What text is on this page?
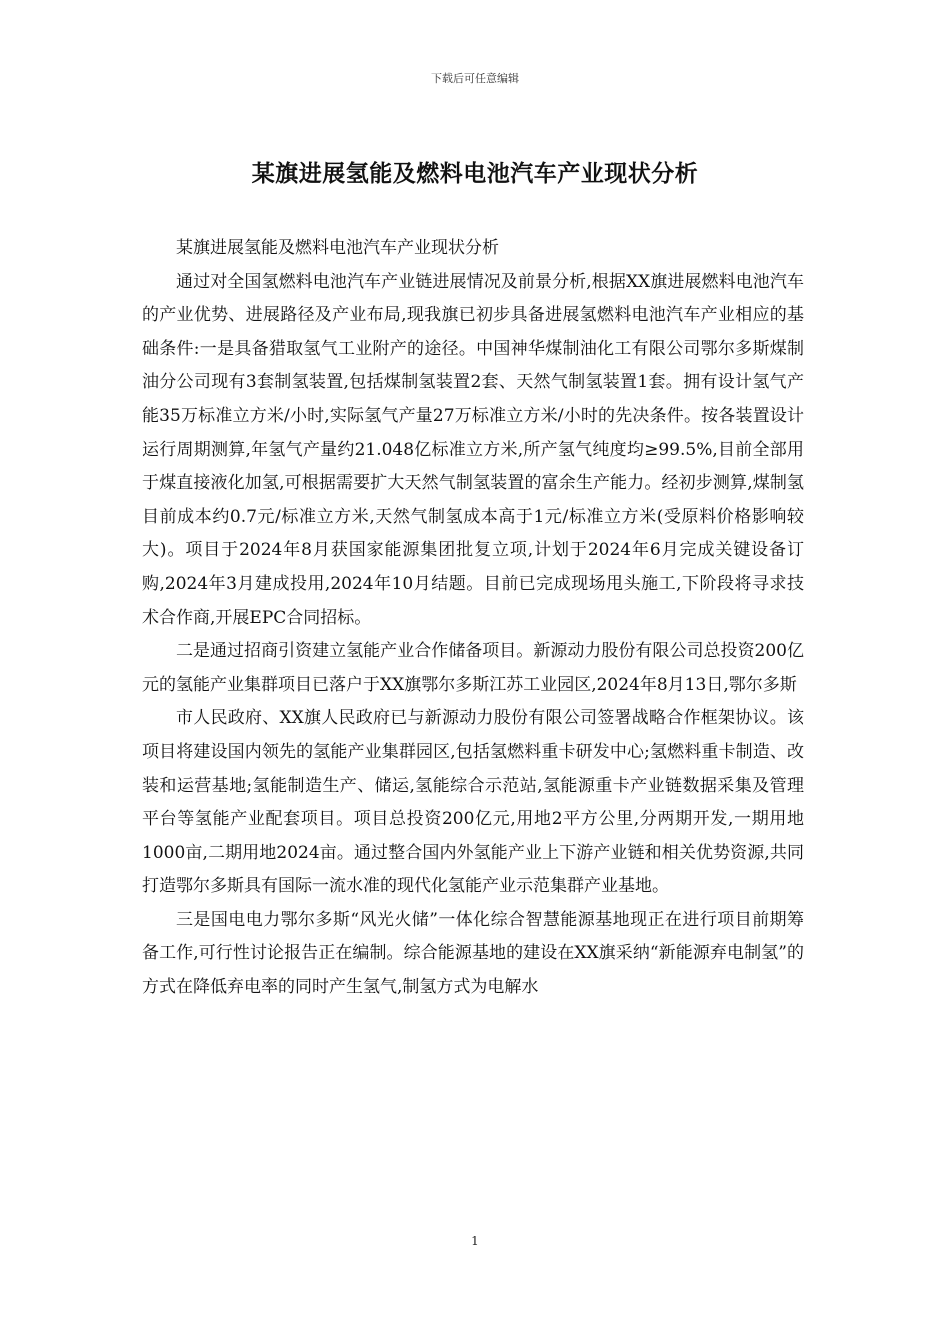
下载后可任意编辑
某旗进展氢能及燃料电池汽车产业现状分析

某旗进展氢能及燃料电池汽车产业现状分析

通过对全国氢燃料电池汽车产业链进展情况及前景分析,根据XX旗进展燃料电池汽车的产业优势、进展路径及产业布局,现我旗已初步具备进展氢燃料电池汽车产业相应的基础条件:一是具备猎取氢气工业附产的途径。中国神华煤制油化工有限公司鄂尔多斯煤制油分公司现有3套制氢装置,包括煤制氢装置2套、天然气制氢装置1套。拥有设计氢气产能35万标准立方米/小时,实际氢气产量27万标准立方米/小时的先决条件。按各装置设计运行周期测算,年氢气产量约21.048亿标准立方米,所产氢气纯度均≥99.5%,目前全部用于煤直接液化加氢,可根据需要扩大天然气制氢装置的富余生产能力。经初步测算,煤制氢目前成本约0.7元/标准立方米,天然气制氢成本高于1元/标准立方米(受原料价格影响较大)。项目于2024年8月获国家能源集团批复立项,计划于2024年6月完成关键设备订购,2024年3月建成投用,2024年10月结题。目前已完成现场甩头施工,下阶段将寻求技术合作商,开展EPC合同招标。

二是通过招商引资建立氢能产业合作储备项目。新源动力股份有限公司总投资200亿元的氢能产业集群项目已落户于XX旗鄂尔多斯江苏工业园区,2024年8月13日,鄂尔多斯

市人民政府、XX旗人民政府已与新源动力股份有限公司签署战略合作框架协议。该项目将建设国内领先的氢能产业集群园区,包括氢燃料重卡研发中心;氢燃料重卡制造、改装和运营基地;氢能制造生产、储运,氢能综合示范站,氢能源重卡产业链数据采集及管理平台等氢能产业配套项目。项目总投资200亿元,用地2平方公里,分两期开发,一期用地1000亩,二期用地2024亩。通过整合国内外氢能产业上下游产业链和相关优势资源,共同打造鄂尔多斯具有国际一流水准的现代化氢能产业示范集群产业基地。

三是国电电力鄂尔多斯“风光火储”一体化综合智慧能源基地现正在进行项目前期筹备工作,可行性讨论报告正在编制。综合能源基地的建设在XX旗采纳“新能源弃电制氢”的方式在降低弃电率的同时产生氢气,制氢方式为电解水

1
